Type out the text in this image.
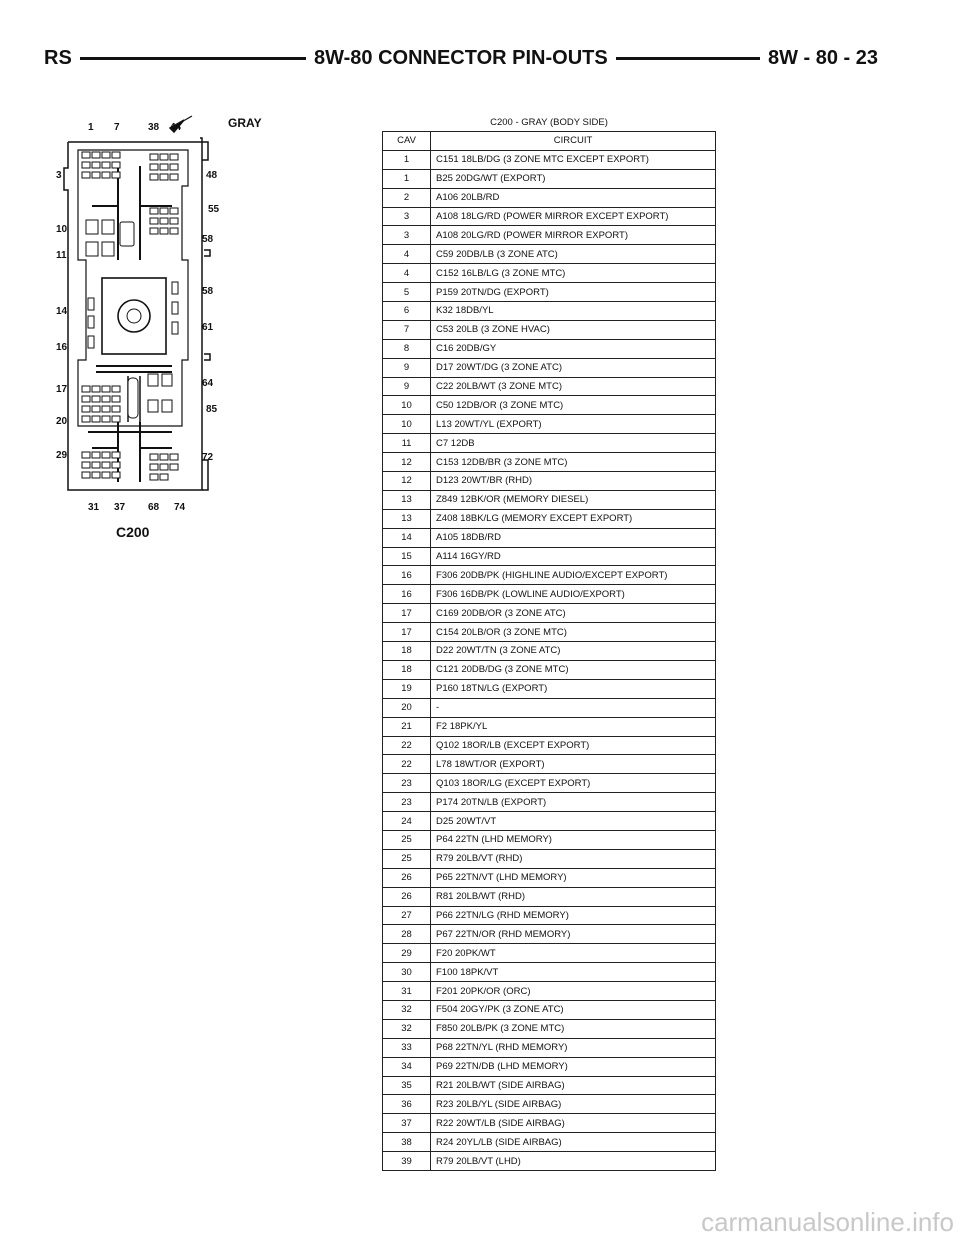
RS	8W-80 CONNECTOR PIN-OUTS	8W - 80 - 23
GRAY
1 7	38 44
3	48
55
10
58
11
58
14
61
16
64
17
85
20
72
29
31 37 68 74
C200
C200 - GRAY (BODY SIDE)
CAV	CIRCUIT
1	C151 18LB/DG (3 ZONE MTC EXCEPT EXPORT)
1	B25 20DG/WT (EXPORT)
2	A106 20LB/RD
3	A108 18LG/RD (POWER MIRROR EXCEPT EXPORT)
3	A108 20LG/RD (POWER MIRROR EXPORT)
4	C59 20DB/LB (3 ZONE ATC)
4	C152 16LB/LG (3 ZONE MTC)
5	P159 20TN/DG (EXPORT)
6	K32 18DB/YL
7	C53 20LB (3 ZONE HVAC)
8	C16 20DB/GY
9	D17 20WT/DG (3 ZONE ATC)
9	C22 20LB/WT (3 ZONE MTC)
10	C50 12DB/OR (3 ZONE MTC)
10	L13 20WT/YL (EXPORT)
11	C7 12DB
12	C153 12DB/BR (3 ZONE MTC)
12	D123 20WT/BR (RHD)
13	Z849 12BK/OR (MEMORY DIESEL)
13	Z408 18BK/LG (MEMORY EXCEPT EXPORT)
14	A105 18DB/RD
15	A114 16GY/RD
16	F306 20DB/PK (HIGHLINE AUDIO/EXCEPT EXPORT)
16	F306 16DB/PK (LOWLINE AUDIO/EXPORT)
17	C169 20DB/OR (3 ZONE ATC)
17	C154 20LB/OR (3 ZONE MTC)
18	D22 20WT/TN (3 ZONE ATC)
18	C121 20DB/DG (3 ZONE MTC)
19	P160 18TN/LG (EXPORT)
20	-
21	F2 18PK/YL
22	Q102 18OR/LB (EXCEPT EXPORT)
22	L78 18WT/OR (EXPORT)
23	Q103 18OR/LG (EXCEPT EXPORT)
23	P174 20TN/LB (EXPORT)
24	D25 20WT/VT
25	P64 22TN (LHD MEMORY)
25	R79 20LB/VT (RHD)
26	P65 22TN/VT (LHD MEMORY)
26	R81 20LB/WT (RHD)
27	P66 22TN/LG (RHD MEMORY)
28	P67 22TN/OR (RHD MEMORY)
29	F20 20PK/WT
30	F100 18PK/VT
31	F201 20PK/OR (ORC)
32	F504 20GY/PK (3 ZONE ATC)
32	F850 20LB/PK (3 ZONE MTC)
33	P68 22TN/YL (RHD MEMORY)
34	P69 22TN/DB (LHD MEMORY)
35	R21 20LB/WT (SIDE AIRBAG)
36	R23 20LB/YL (SIDE AIRBAG)
37	R22 20WT/LB (SIDE AIRBAG)
38	R24 20YL/LB (SIDE AIRBAG)
39	R79 20LB/VT (LHD)
carmanualsonline.info
